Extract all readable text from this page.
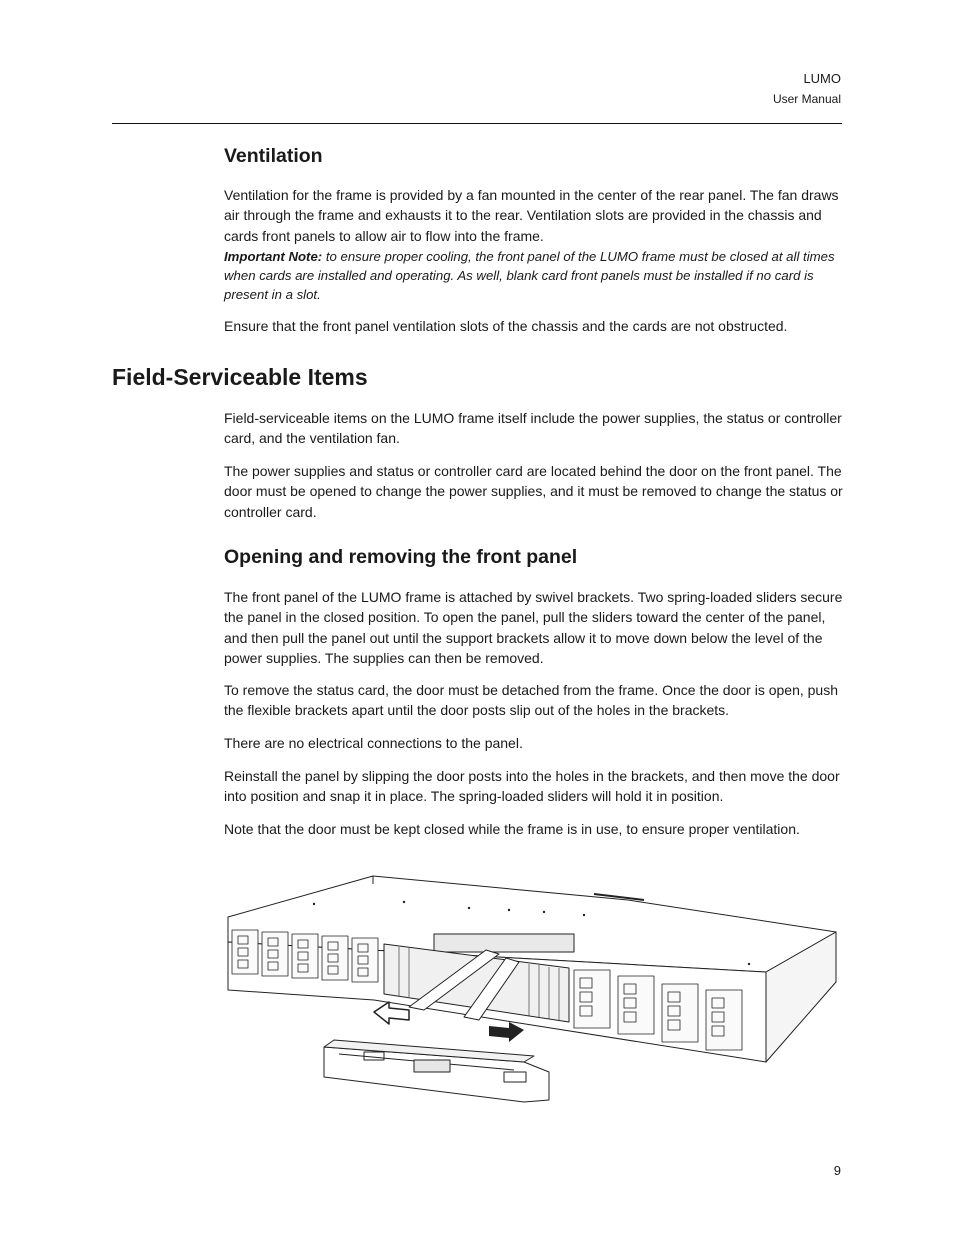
LUMO
User Manual
Ventilation

Ventilation for the frame is provided by a fan mounted in the center of the rear panel. The fan draws air through the frame and exhausts it to the rear. Ventilation slots are provided in the chassis and cards front panels to allow air to flow into the frame.

Important Note: to ensure proper cooling, the front panel of the LUMO frame must be closed at all times when cards are installed and operating. As well, blank card front panels must be installed if no card is present in a slot.

Ensure that the front panel ventilation slots of the chassis and the cards are not obstructed.

Field-Serviceable Items

Field-serviceable items on the LUMO frame itself include the power supplies, the status or controller card, and the ventilation fan.

The power supplies and status or controller card are located behind the door on the front panel. The door must be opened to change the power supplies, and it must be removed to change the status or controller card.

Opening and removing the front panel

The front panel of the LUMO frame is attached by swivel brackets. Two spring-loaded sliders secure the panel in the closed position. To open the panel, pull the sliders toward the center of the panel, and then pull the panel out until the support brackets allow it to move down below the level of the power supplies. The supplies can then be removed.

To remove the status card, the door must be detached from the frame. Once the door is open, push the flexible brackets apart until the door posts slip out of the holes in the brackets.

There are no electrical connections to the panel.

Reinstall the panel by slipping the door posts into the holes in the brackets, and then move the door into position and snap it in place. The spring-loaded sliders will hold it in position.

Note that the door must be kept closed while the frame is in use, to ensure proper ventilation.

9
